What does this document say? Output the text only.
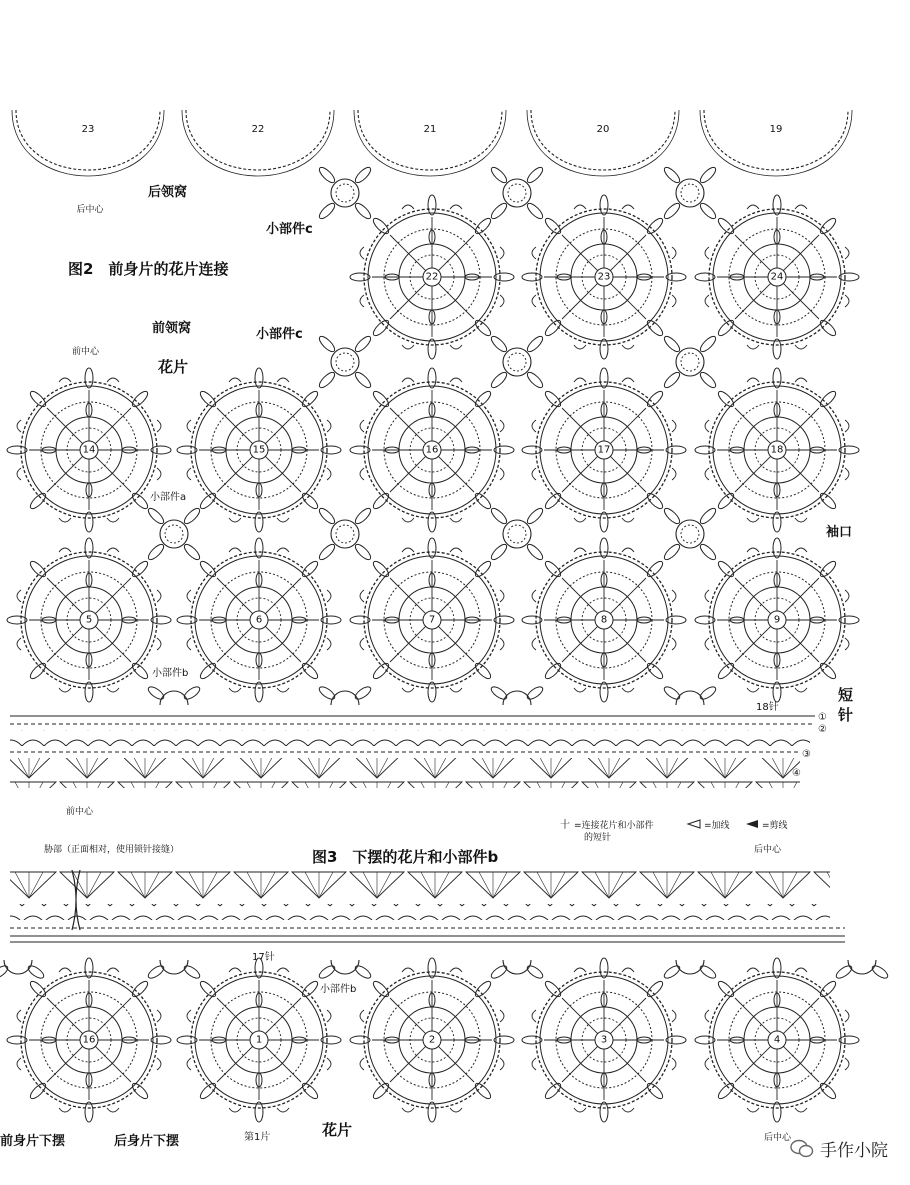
23	22	21	20	19
后中心
后领窝
图2　前身片的花片连接
前领窝
前中心
花片
小部件c
小部件c
小部件a
小部件b
袖口
短针
18针
22	23	24
14	15	16	17	18
5	6	7	8	9
①
②
③
④
前中心
十 =连接花片和小部件
的短针
=加线	=剪线
胁部（正面相对，使用锁针接缝）	图3　下摆的花片和小部件b	后中心
17针
小部件b
16	1	2	3	4
前身片下摆	后身片下摆	第1片	花片	后中心
手作小院
